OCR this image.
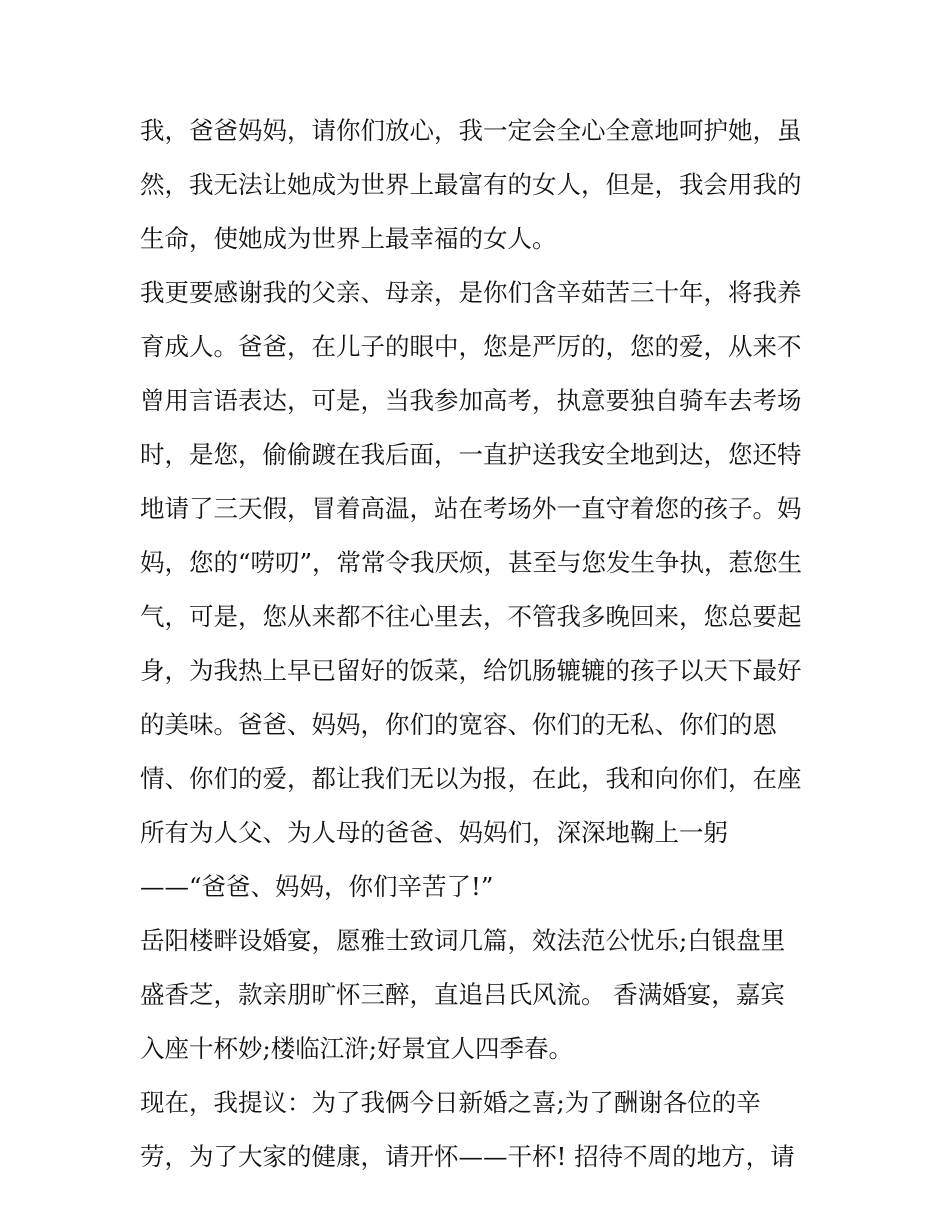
我，爸爸妈妈，请你们放心，我一定会全心全意地呵护她，虽
然，我无法让她成为世界上最富有的女人，但是，我会用我的
生命，使她成为世界上最幸福的女人。
我更要感谢我的父亲、母亲，是你们含辛茹苦三十年，将我养
育成人。爸爸，在儿子的眼中，您是严厉的，您的爱，从来不
曾用言语表达，可是，当我参加高考，执意要独自骑车去考场
时，是您，偷偷踱在我后面，一直护送我安全地到达，您还特
地请了三天假，冒着高温，站在考场外一直守着您的孩子。妈
妈，您的“唠叨”，常常令我厌烦，甚至与您发生争执，惹您生
气，可是，您从来都不往心里去，不管我多晚回来，您总要起
身，为我热上早已留好的饭菜，给饥肠辘辘的孩子以天下最好
的美味。爸爸、妈妈，你们的宽容、你们的无私、你们的恩
情、你们的爱，都让我们无以为报，在此，我和向你们，在座
所有为人父、为人母的爸爸、妈妈们，深深地鞠上一躬
——“爸爸、妈妈，你们辛苦了!”
岳阳楼畔设婚宴，愿雅士致词几篇，效法范公忧乐;白银盘里
盛香芝，款亲朋旷怀三醉，直追吕氏风流。 香满婚宴，嘉宾
入座十杯妙;楼临江浒;好景宜人四季春。
现在，我提议：为了我俩今日新婚之喜;为了酬谢各位的辛
劳，为了大家的健康，请开怀——干杯! 招待不周的地方，请
